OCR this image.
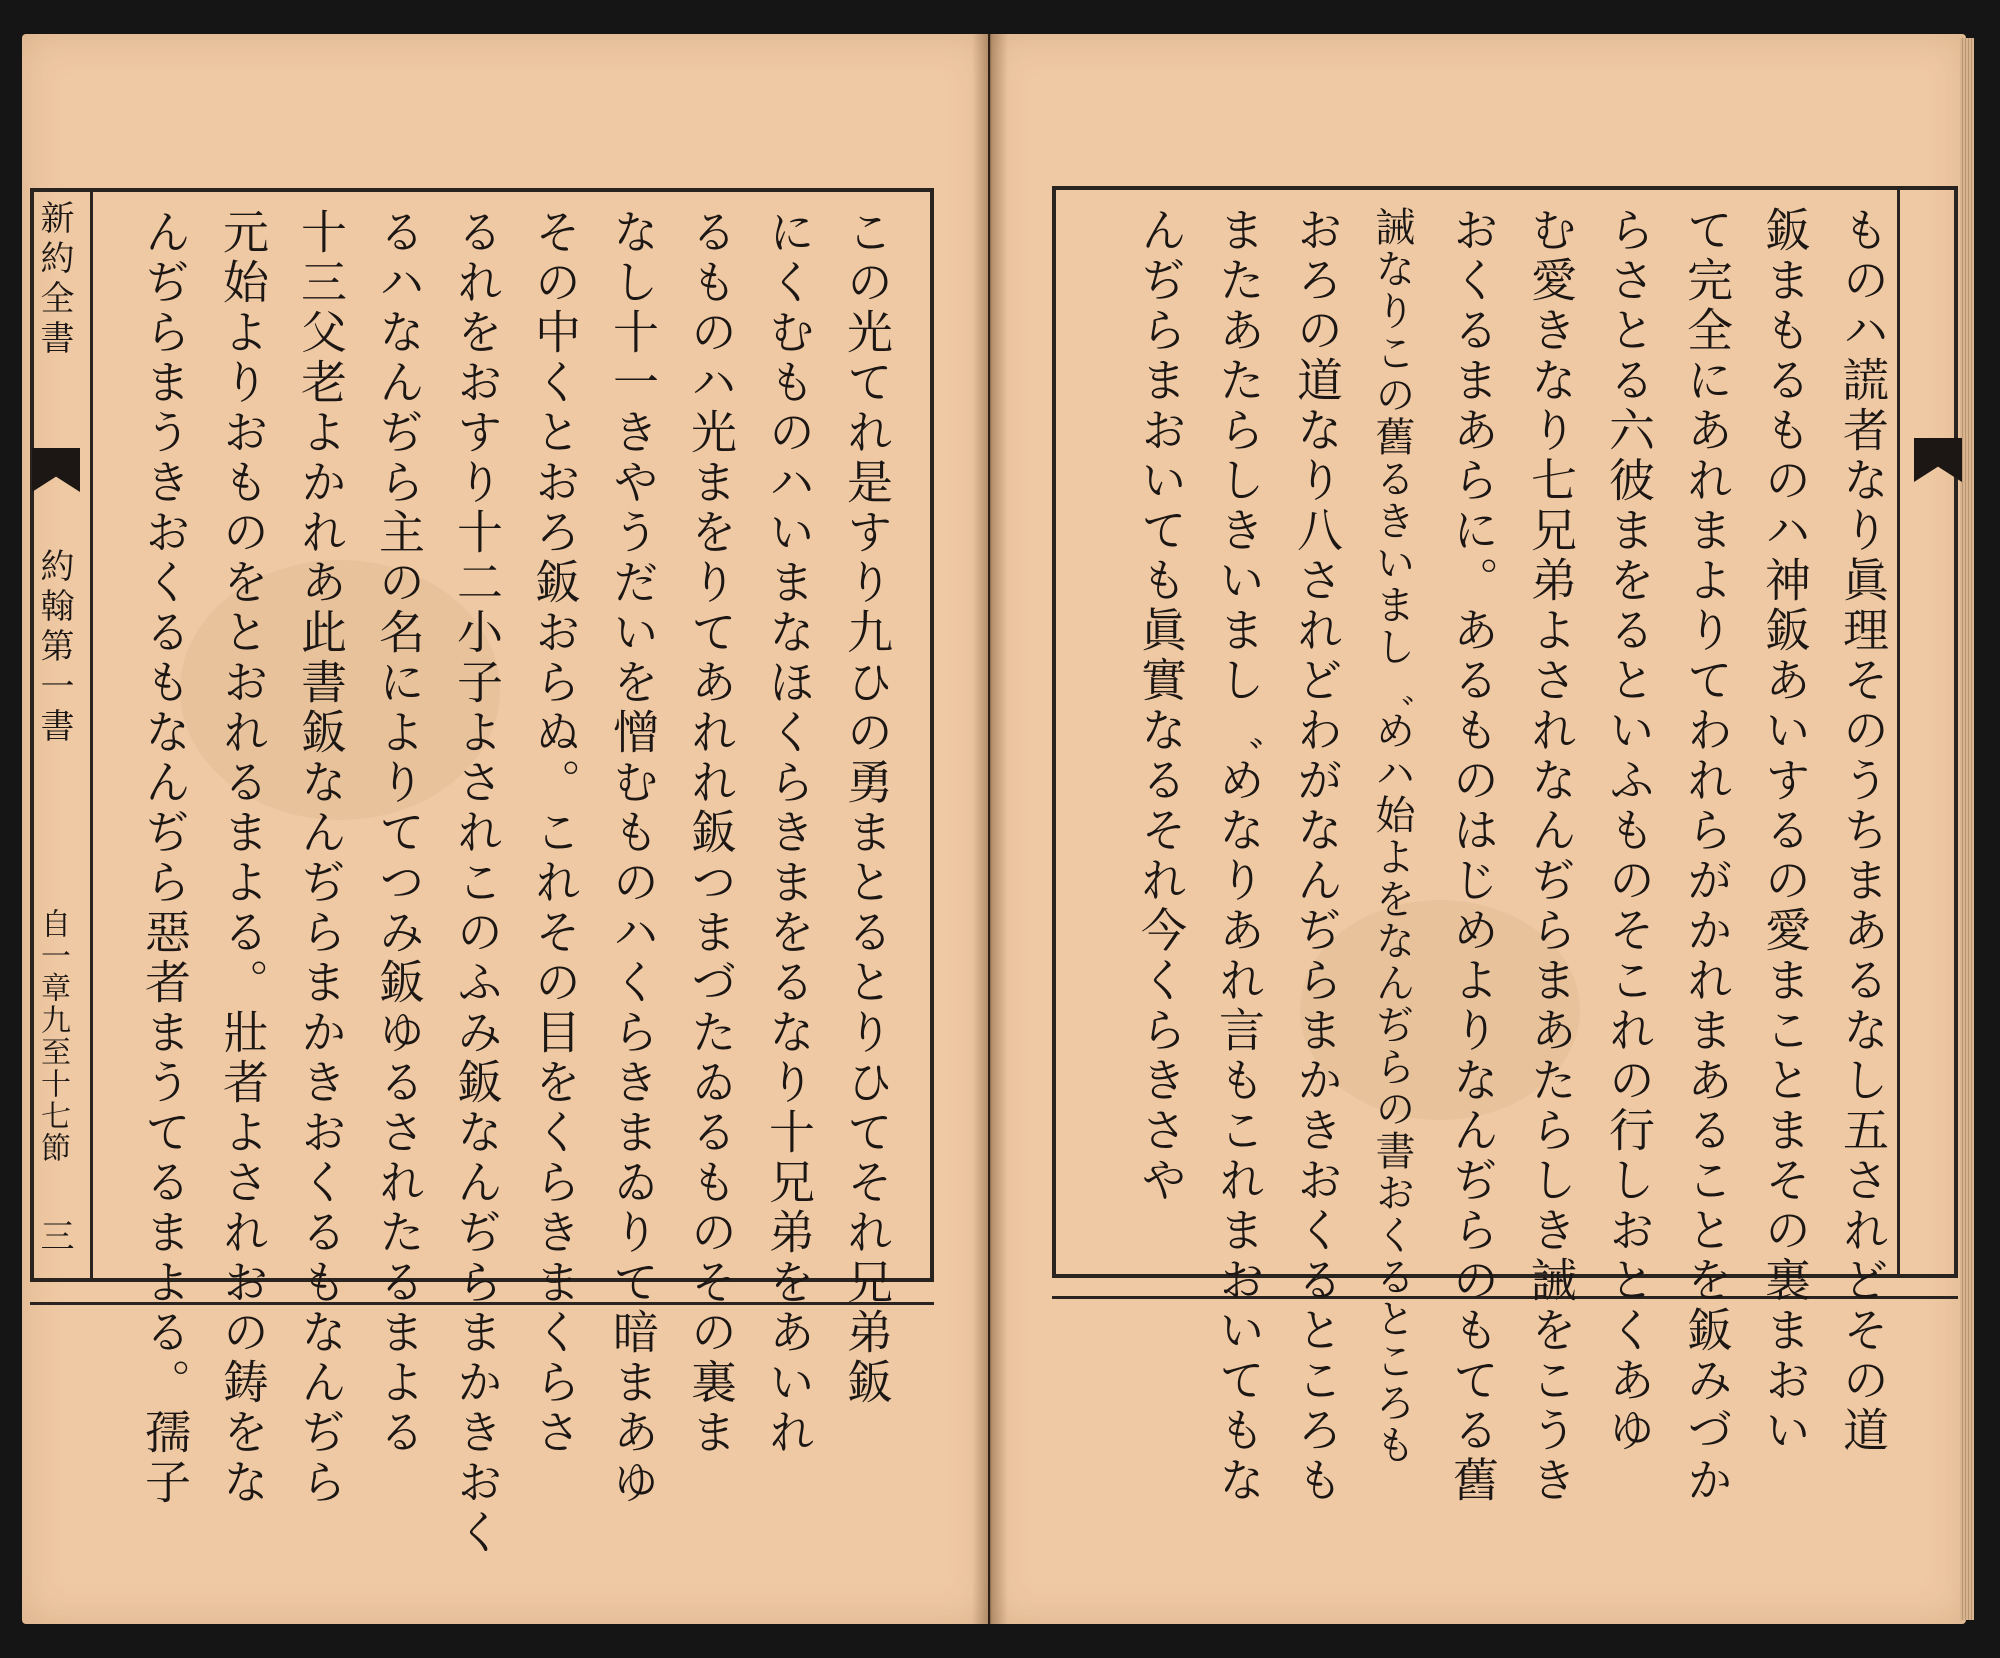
新約全書
約翰第一書
自一章九至十七節
三	この光てれ是すり九ひの勇まとるとりひてそれ兄弟鈑
にくむものハいまなほくらきまをるなり十兄弟をあいれ
るものハ光まをりてあれれ鈑つまづたゐるものその裏ま
なし十一きやうだいを憎むものハくらきまゐりて暗まあゆ
その中くとおろ鈑おらぬ。これその目をくらきまくらさ
るれをおすり十二小子よされこのふみ鈑なんぢらまかきおく
るハなんぢら主の名によりてつみ鈑ゆるされたるまよる
十三父老よかれあ此書鈑なんぢらまかきおくるもなんぢら
元始よりおものをとおれるまよる。壯者よされおの鋳をな
んぢらまうきおくるもなんぢら惡者まうてるまよる。孺子	ものハ謊者なり眞理そのうちまあるなし五されどその道
鈑まもるものハ神鈑あいするの愛まことまその裏まおい
て完全にあれまよりてわれらがかれまあることを鈑みづか
らさとる六彼まをるといふものそこれの行しおとくあゆ
む愛きなり七兄弟よされなんぢらまあたらしき誡をこうき
おくるまあらに。あるものはじめよりなんぢらのもてる舊
誡なりこの舊るきいまし゛めハ始よをなんぢらの書おくるところも
おろの道なり八されどわがなんぢらまかきおくるところも
またあたらしきいまし゛めなりあれ言もこれまおいてもな
んぢらまおいても眞實なるそれ今くらきさや
